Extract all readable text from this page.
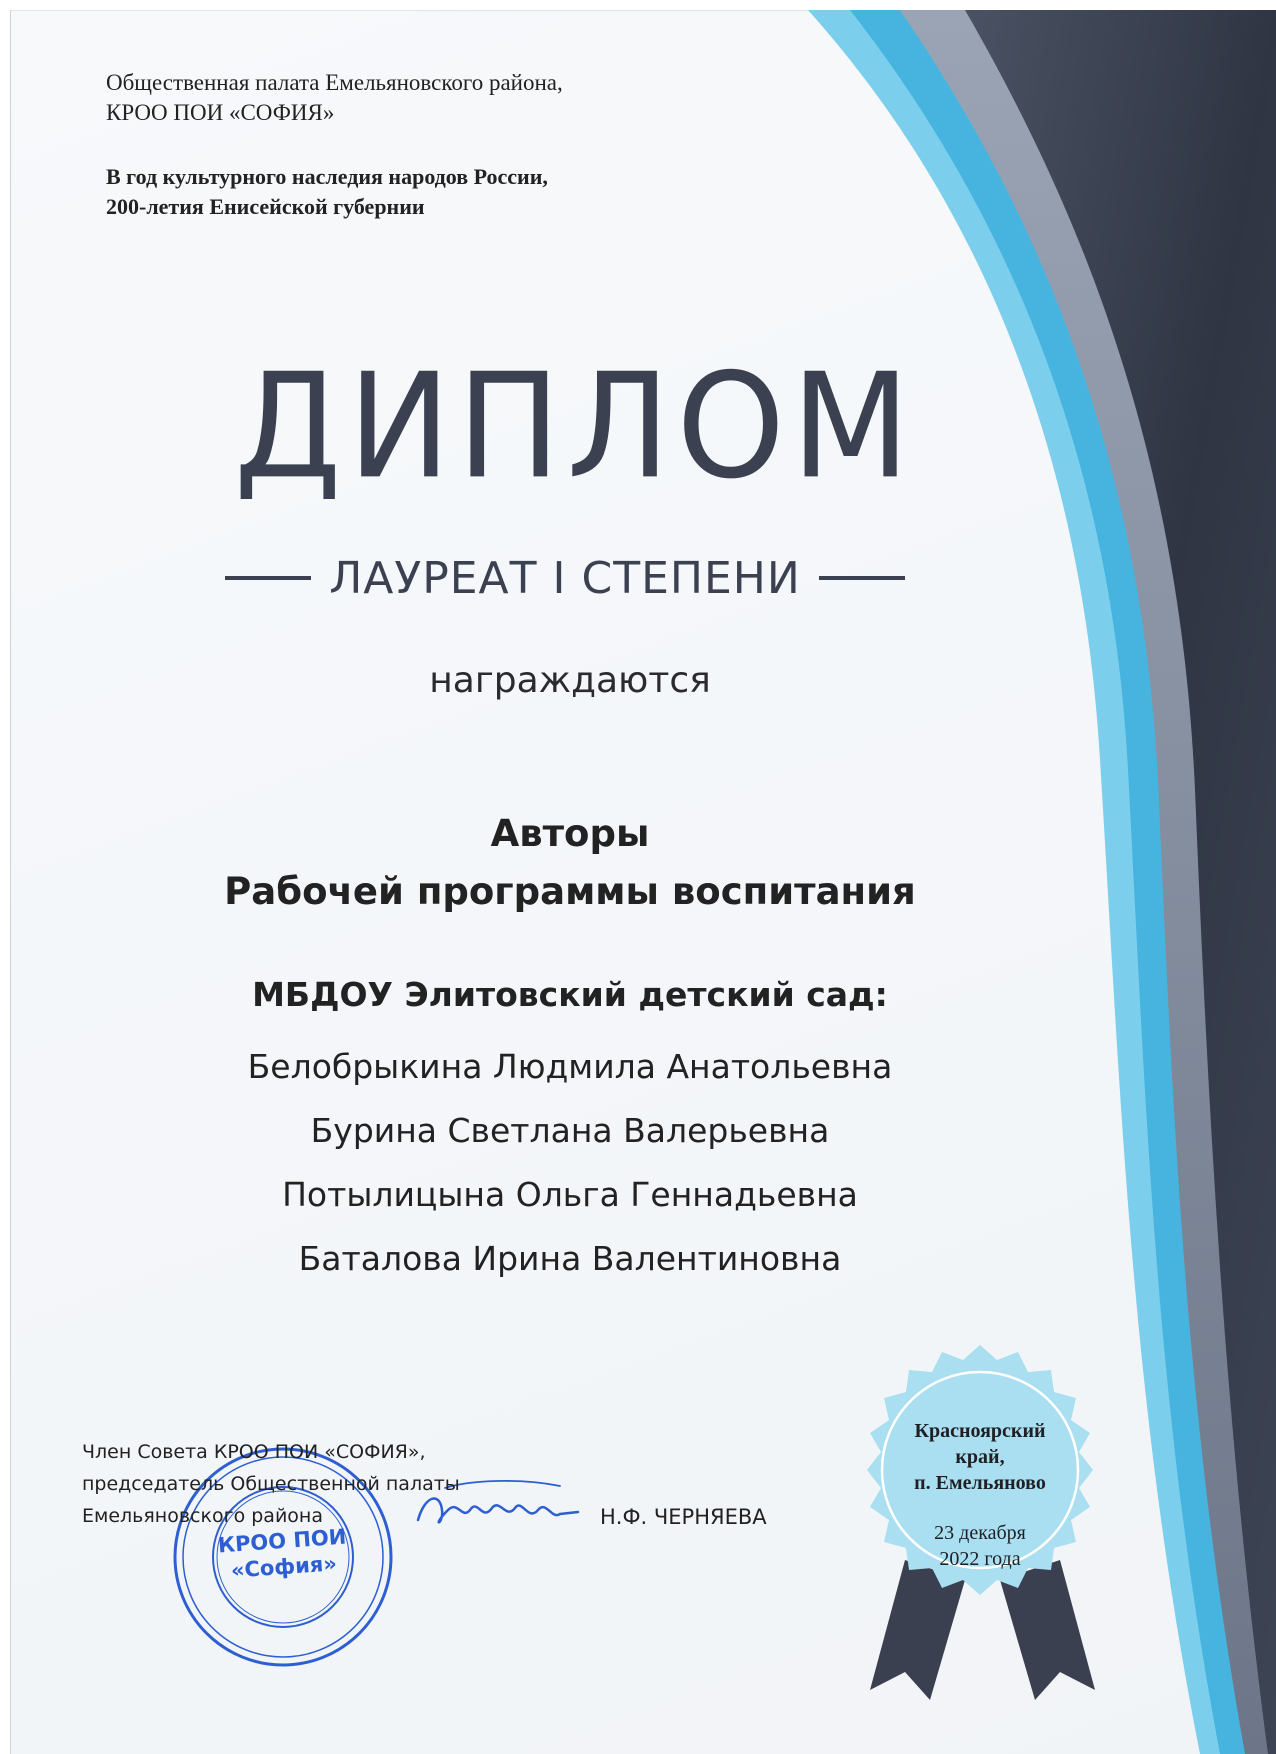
Общественная палата Емельяновского района,
КРОО ПОИ «СОФИЯ»
В год культурного наследия народов России,
200-летия Енисейской губернии
ДИПЛОМ
ЛАУРЕАТ I СТЕПЕНИ
награждаются
Авторы
Рабочей программы воспитания
МБДОУ Элитовский детский сад:
Белобрыкина Людмила Анатольевна
Бурина Светлана Валерьевна
Потылицына Ольга Геннадьевна
Баталова Ирина Валентиновна
Член Совета КРОО ПОИ «СОФИЯ»,
председатель Общественной палаты
Емельяновского района	Н.Ф. ЧЕРНЯЕВА
КРОО ПОИ
«София»
Красноярский
край,
п. Емельяново
23 декабря
2022 года
